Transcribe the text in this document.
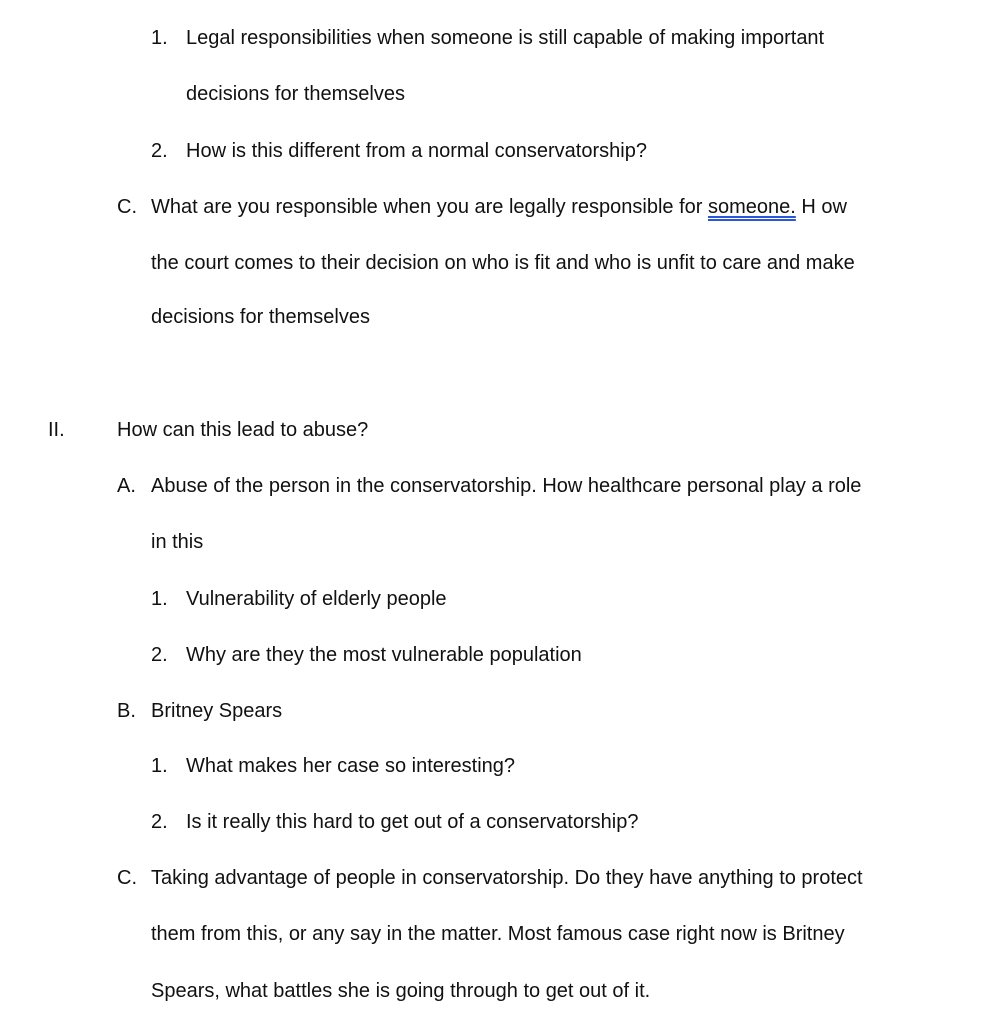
1. Legal responsibilities when someone is still capable of making important
decisions for themselves
2. How is this different from a normal conservatorship?
C. What are you responsible when you are legally responsible for someone. H ow
the court comes to their decision on who is fit and who is unfit to care and make
decisions for themselves
II.	How can this lead to abuse?
A. Abuse of the person in the conservatorship. How healthcare personal play a role
in this
1. Vulnerability of elderly people
2. Why are they the most vulnerable population
B. Britney Spears
1. What makes her case so interesting?
2. Is it really this hard to get out of a conservatorship?
C. Taking advantage of people in conservatorship. Do they have anything to protect
them from this, or any say in the matter. Most famous case right now is Britney
Spears, what battles she is going through to get out of it.
